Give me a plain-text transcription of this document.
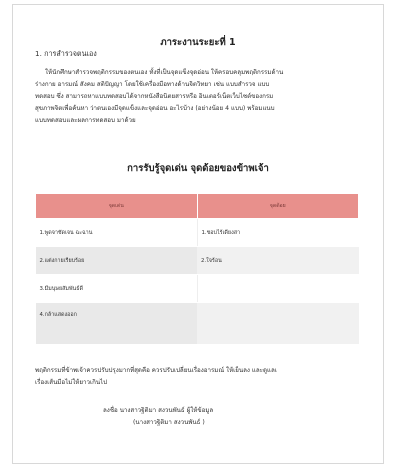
ภาระงานระยะที่ 1
1. การสำรวจตนเอง
ให้นักศึกษาสำรวจพฤติกรรมของตนเอง ทั้งที่เป็นจุดแข็งจุดอ่อน ให้ครอบคลุมพฤติกรรมด้าน
ร่างกาย อารมณ์ สังคม สติปัญญา โดยใช้เครื่องมือทางด้านจิตวิทยา เช่น แบบสำรวจ แบบ
ทดสอบ ซึ่ง สามารถหาแบบทดสอบได้จากหนังสือนิตยสารหรือ อินเตอร์เน็ตเว็บไซต์ของกรม
สุขภาพจิตเพื่อค้นหา ว่าตนเองมีจุดแข็งและจุดอ่อน อะไรบ้าง (อย่างน้อย 4 แบบ) พร้อมแนบ
แบบทดสอบและผลการทดสอบ มาด้วย
การรับรู้จุดเด่น จุดด้อยของข้าพเจ้า
จุดเด่น	จุดด้อย
1.พูดจาชัดเจน ฉะฉาน	1.ชอบไร้เดียงสา
2.แต่งกายเรียบร้อย	2.ใจร้อน
3.มีมนุษยสัมพันธ์ดี	
4.กล้าแสดงออก	
พฤติกรรมที่ข้าพเจ้าควรปรับปรุงมากที่สุดคือ ควรปรับเปลี่ยนเรื่องอารมณ์ ให้เย็นลง และดูแลเ
เรื่องเส้นมือไม่ให้ยาวเกินไป
ลงชื่อ นางสาวฐิติมา สงวนพันธ์ ผู้ให้ข้อมูล
(นางสาวฐิติมา สงวนพันธ์ )
